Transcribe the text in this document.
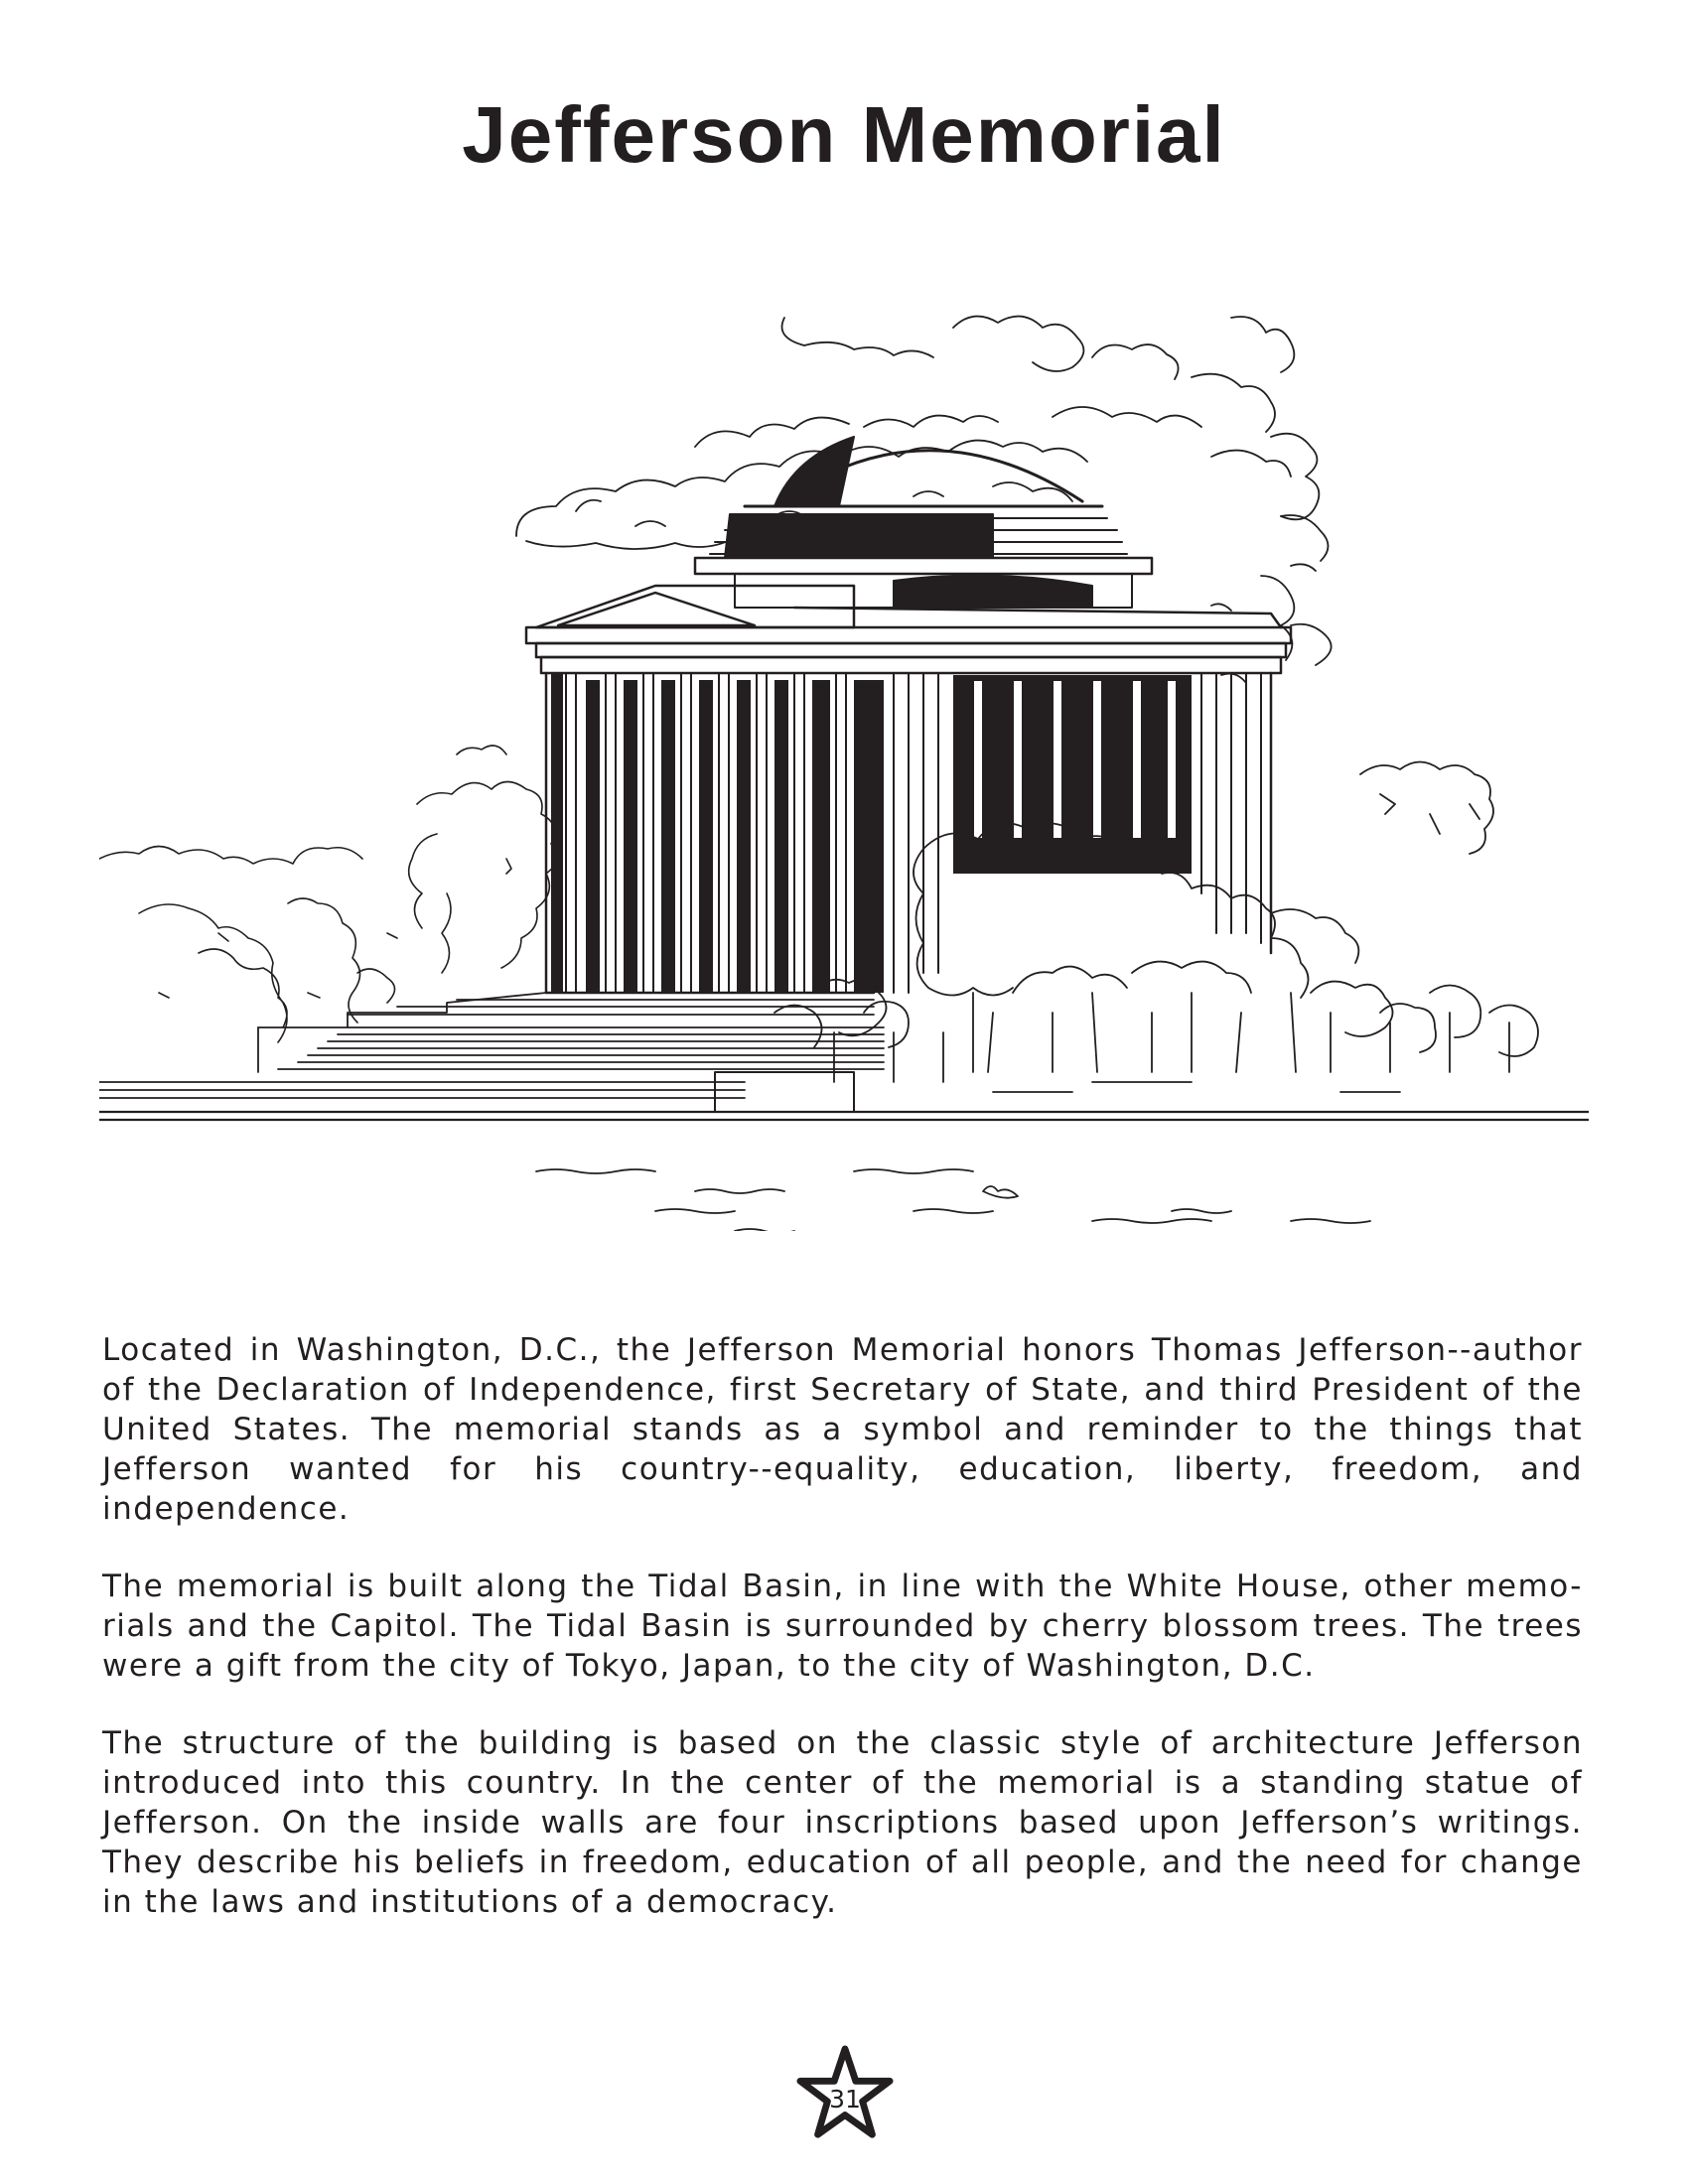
Jefferson Memorial

Located in Washington, D.C., the Jefferson Memorial honors Thomas Jefferson--author of the Declaration of Independence, first Secretary of State, and third President of the United States. The memorial stands as a symbol and reminder to the things that Jefferson wanted for his country--equality, education, liberty, freedom, and independence.

The memorial is built along the Tidal Basin, in line with the White House, other memo-rials and the Capitol. The Tidal Basin is surrounded by cherry blossom trees. The trees were a gift from the city of Tokyo, Japan, to the city of Washington, D.C.

The structure of the building is based on the classic style of architecture Jefferson introduced into this country. In the center of the memorial is a standing statue of Jefferson. On the inside walls are four inscriptions based upon Jefferson’s writings. They describe his beliefs in freedom, education of all people, and the need for change in the laws and institutions of a democracy.

31
